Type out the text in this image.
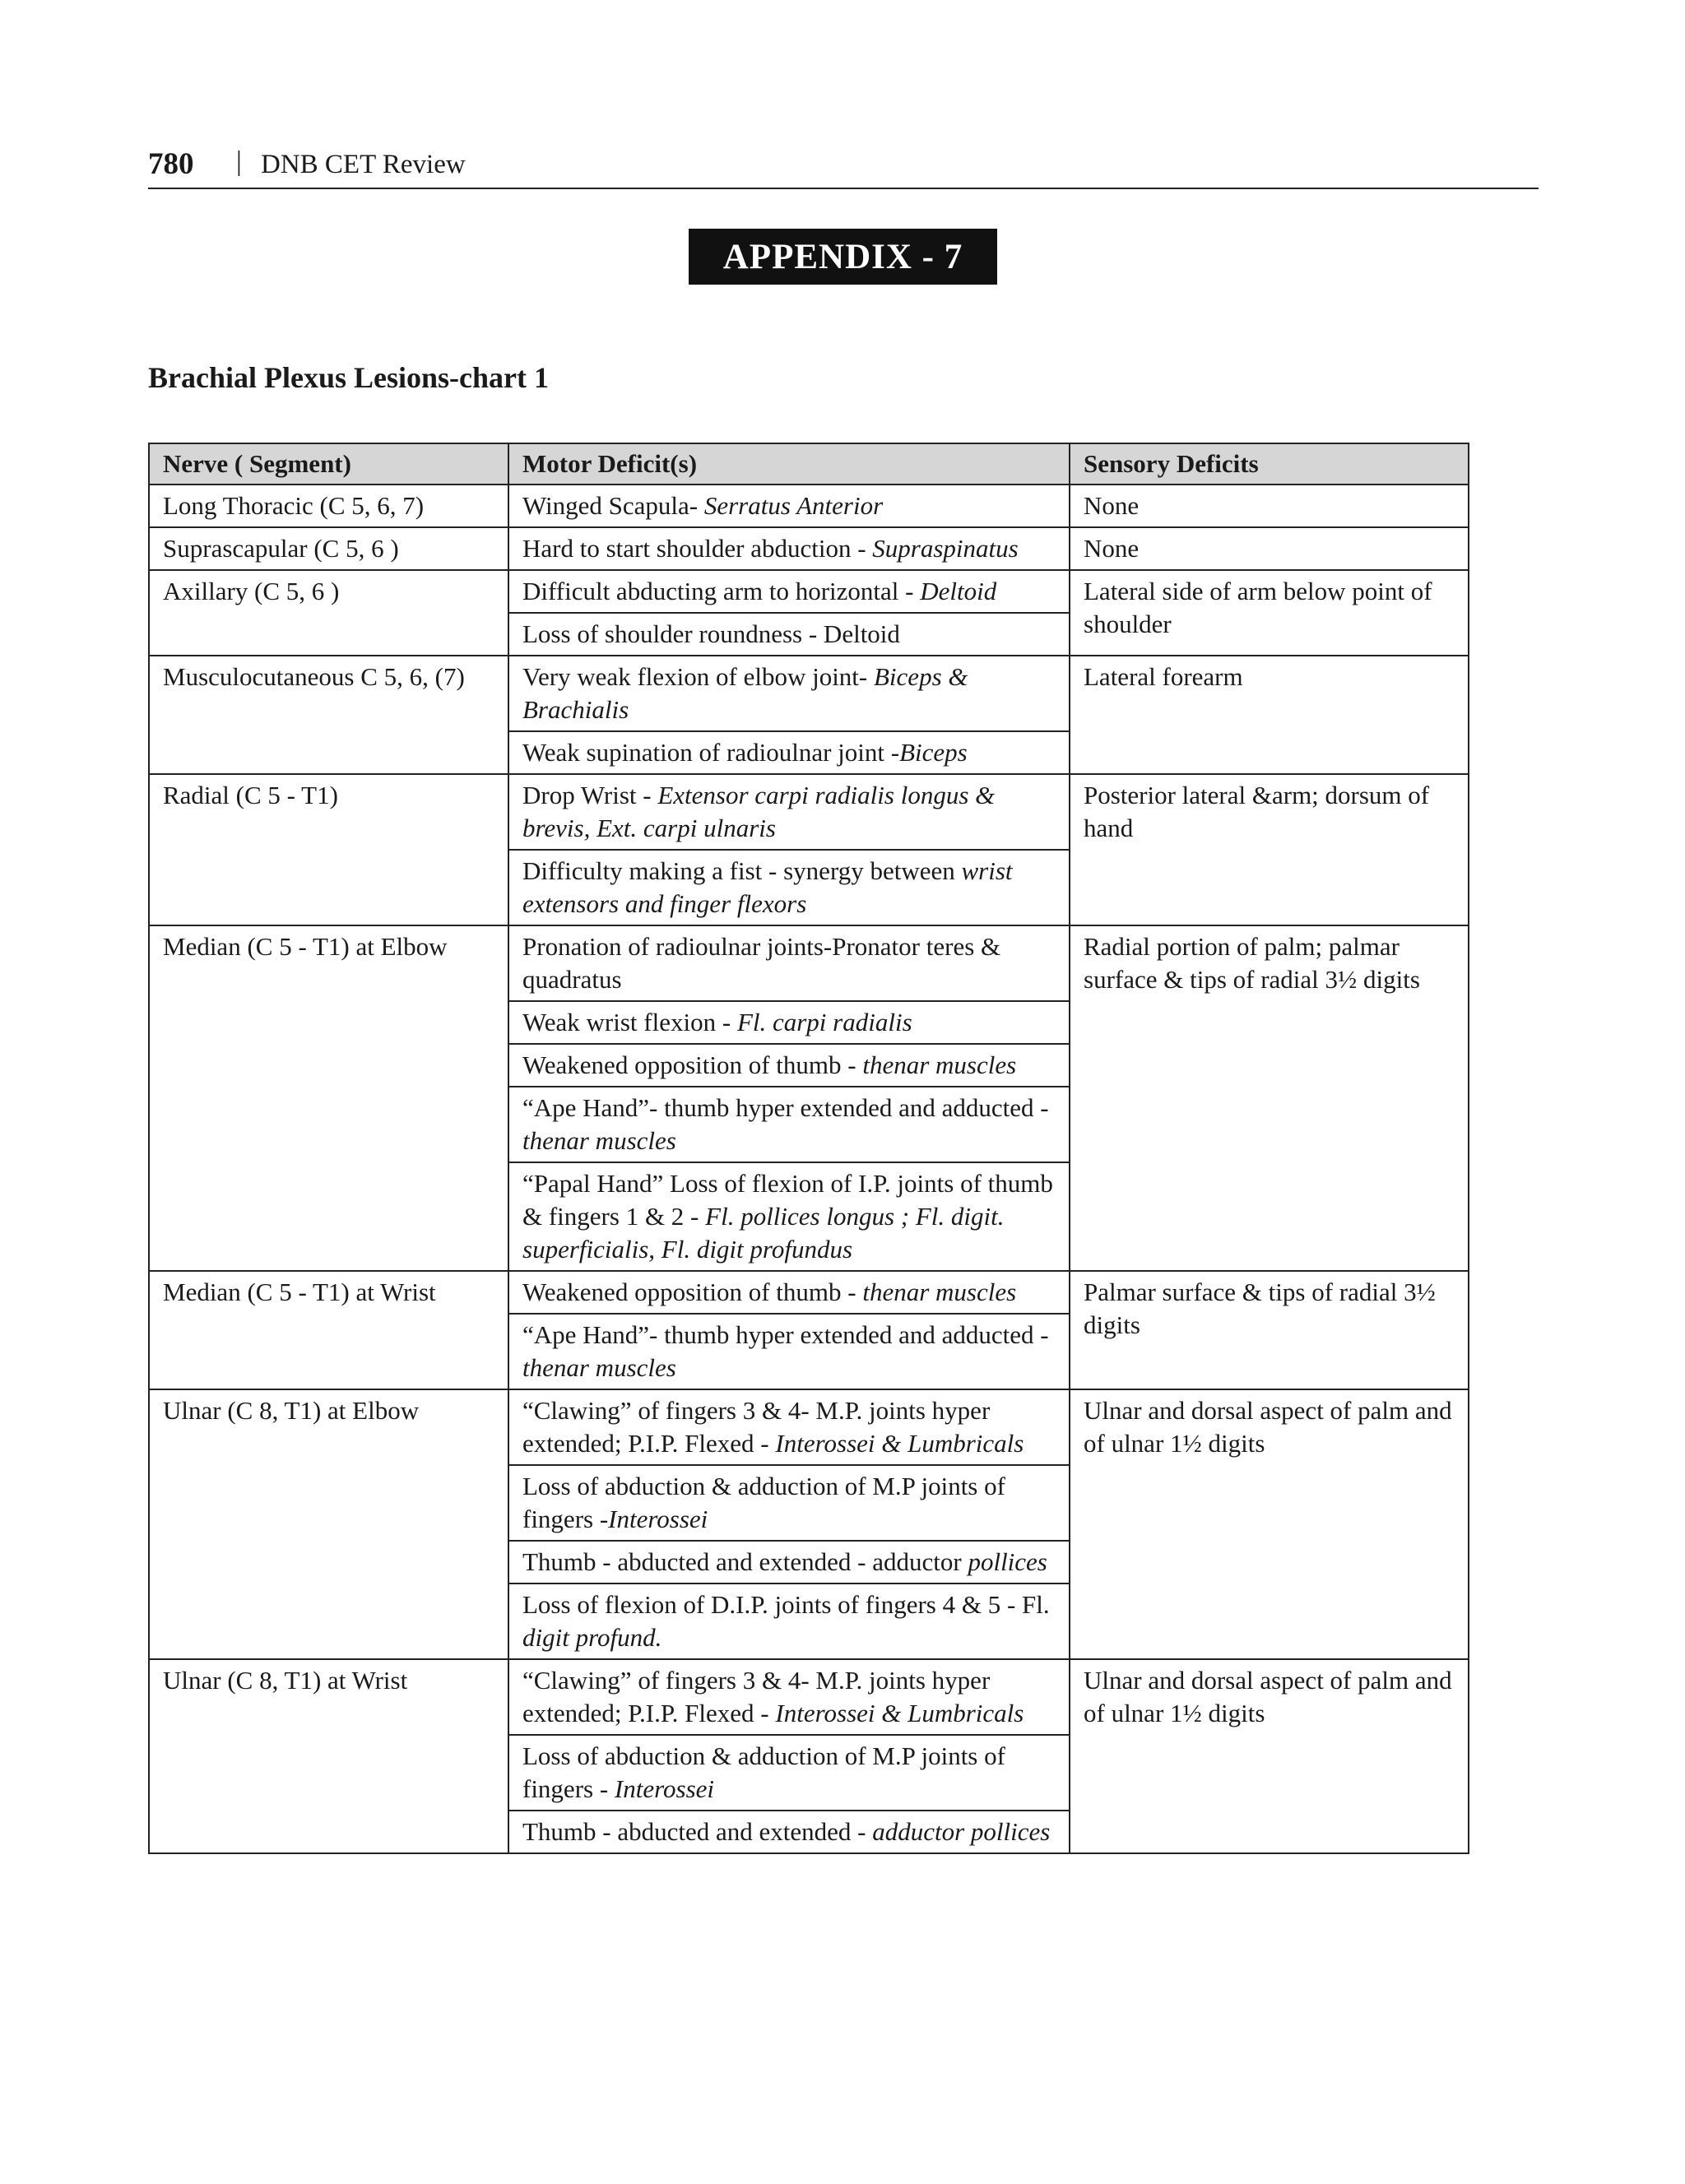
780 | DNB CET Review
APPENDIX - 7
Brachial Plexus Lesions-chart 1
Nerve ( Segment)	Motor Deficit(s)	Sensory Deficits
Long Thoracic (C 5, 6, 7)	Winged Scapula- Serratus Anterior	None
Suprascapular (C 5, 6 )	Hard to start shoulder abduction - Supraspinatus	None
Axillary (C 5, 6 )	Difficult abducting arm to horizontal - Deltoid	Lateral side of arm below point of shoulder
	Loss of shoulder roundness - Deltoid	
Musculocutaneous C 5, 6, (7)	Very weak flexion of elbow joint- Biceps & Brachialis	Lateral forearm
	Weak supination of radioulnar joint -Biceps	
Radial (C 5 - T1)	Drop Wrist - Extensor carpi radialis longus & brevis, Ext. carpi ulnaris	Posterior lateral &arm; dorsum of hand
	Difficulty making a fist - synergy between wrist extensors and finger flexors	
Median (C 5 - T1) at Elbow	Pronation of radioulnar joints-Pronator teres & quadratus	Radial portion of palm; palmar surface & tips of radial 3½ digits
	Weak wrist flexion - Fl. carpi radialis	
	Weakened opposition of thumb - thenar muscles	
	“Ape Hand”- thumb hyper extended and adducted - thenar muscles	
	“Papal Hand” Loss of flexion of I.P. joints of thumb & fingers 1 & 2 - Fl. pollices longus ; Fl. digit. superficialis, Fl. digit profundus	
Median (C 5 - T1) at Wrist	Weakened opposition of thumb - thenar muscles	Palmar surface & tips of radial 3½ digits
	“Ape Hand”- thumb hyper extended and adducted - thenar muscles	
Ulnar (C 8, T1) at Elbow	“Clawing” of fingers 3 & 4- M.P. joints hyper extended; P.I.P. Flexed - Interossei & Lumbricals	Ulnar and dorsal aspect of palm and of ulnar 1½ digits
	Loss of abduction & adduction of M.P joints of fingers -Interossei	
	Thumb - abducted and extended - adductor pollices	
	Loss of flexion of D.I.P. joints of fingers 4 & 5 - Fl. digit profund.	
Ulnar (C 8, T1) at Wrist	“Clawing” of fingers 3 & 4- M.P. joints hyper extended; P.I.P. Flexed - Interossei & Lumbricals	Ulnar and dorsal aspect of palm and of ulnar 1½ digits
	Loss of abduction & adduction of M.P joints of fingers - Interossei	
	Thumb - abducted and extended - adductor pollices	
